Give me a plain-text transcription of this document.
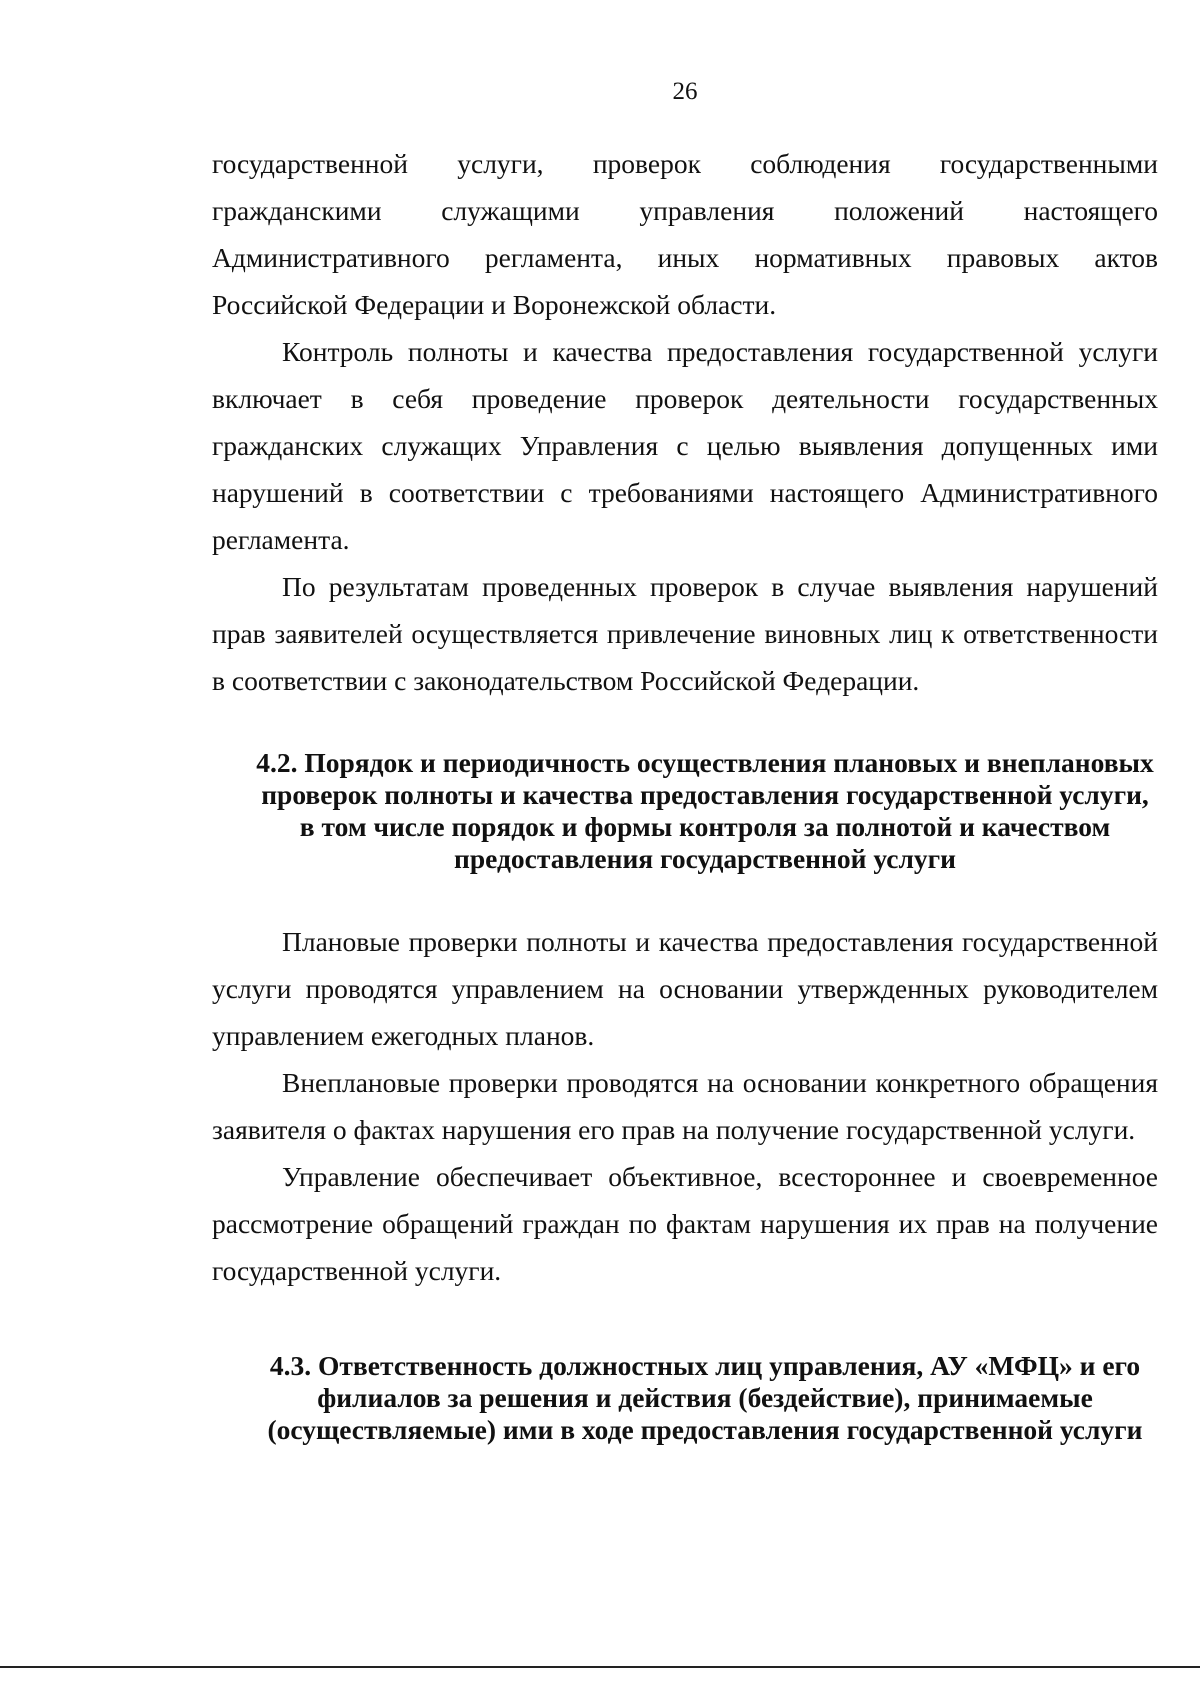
26

государственной услуги, проверок соблюдения государственными гражданскими служащими управления положений настоящего Административного регламента, иных нормативных правовых актов Российской Федерации и Воронежской области.

Контроль полноты и качества предоставления государственной услуги включает в себя проведение проверок деятельности государственных гражданских служащих Управления с целью выявления допущенных ими нарушений в соответствии с требованиями настоящего Административного регламента.

По результатам проведенных проверок в случае выявления нарушений прав заявителей осуществляется привлечение виновных лиц к ответственности в соответствии с законодательством Российской Федерации.

4.2. Порядок и периодичность осуществления плановых и внеплановых проверок полноты и качества предоставления государственной услуги, в том числе порядок и формы контроля за полнотой и качеством предоставления государственной услуги

Плановые проверки полноты и качества предоставления государственной услуги проводятся управлением на основании утвержденных руководителем управлением ежегодных планов.

Внеплановые проверки проводятся на основании конкретного обращения заявителя о фактах нарушения его прав на получение государственной услуги.

Управление обеспечивает объективное, всестороннее и своевременное рассмотрение обращений граждан по фактам нарушения их прав на получение государственной услуги.

4.3. Ответственность должностных лиц управления, АУ «МФЦ» и его филиалов за решения и действия (бездействие), принимаемые (осуществляемые) ими в ходе предоставления государственной услуги
